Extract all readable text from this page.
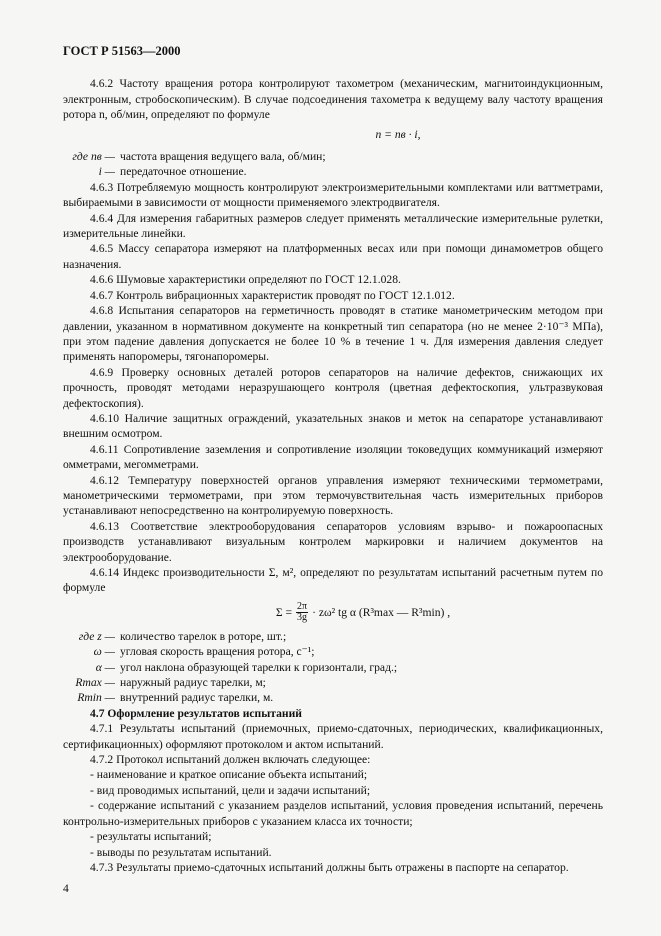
ГОСТ Р 51563—2000

4.6.2 Частоту вращения ротора контролируют тахометром (механическим, магнитоиндукционным, электронным, стробоскопическим). В случае подсоединения тахометра к ведущему валу частоту вращения ротора n, об/мин, определяют по формуле

n = nв · i,
где nв — частота вращения ведущего вала, об/мин;
i — передаточное отношение.

4.6.3 Потребляемую мощность контролируют электроизмерительными комплектами или ваттметрами, выбираемыми в зависимости от мощности применяемого электродвигателя.

4.6.4 Для измерения габаритных размеров следует применять металлические измерительные рулетки, измерительные линейки.

4.6.5 Массу сепаратора измеряют на платформенных весах или при помощи динамометров общего назначения.

4.6.6 Шумовые характеристики определяют по ГОСТ 12.1.028.

4.6.7 Контроль вибрационных характеристик проводят по ГОСТ 12.1.012.

4.6.8 Испытания сепараторов на герметичность проводят в статике манометрическим методом при давлении, указанном в нормативном документе на конкретный тип сепаратора (но не менее 2·10⁻³ МПа), при этом падение давления допускается не более 10 % в течение 1 ч. Для измерения давления следует применять напоромеры, тягонапоромеры.

4.6.9 Проверку основных деталей роторов сепараторов на наличие дефектов, снижающих их прочность, проводят методами неразрушающего контроля (цветная дефектоскопия, ультразвуковая дефектоскопия).

4.6.10 Наличие защитных ограждений, указательных знаков и меток на сепараторе устанавливают внешним осмотром.

4.6.11 Сопротивление заземления и сопротивление изоляции токоведущих коммуникаций измеряют омметрами, мегомметрами.

4.6.12 Температуру поверхностей органов управления измеряют техническими термометрами, манометрическими термометрами, при этом термочувствительная часть измерительных приборов устанавливают непосредственно на контролируемую поверхность.

4.6.13 Соответствие электрооборудования сепараторов условиям взрыво- и пожароопасных производств устанавливают визуальным контролем маркировки и наличием документов на электрооборудование.

4.6.14 Индекс производительности Σ, м², определяют по результатам испытаний расчетным путем по формуле

$\Sigma = \frac{2\pi}{3g} \cdot z\omega^2$ tg α (R³max — R³min) ,
где z — количество тарелок в роторе, шт.;
ω — угловая скорость вращения ротора, с⁻¹;
α — угол наклона образующей тарелки к горизонтали, град.;
Rmax — наружный радиус тарелки, м;
Rmin — внутренний радиус тарелки, м.

4.7 Оформление результатов испытаний

4.7.1 Результаты испытаний (приемочных, приемо-сдаточных, периодических, квалификационных, сертификационных) оформляют протоколом и актом испытаний.

4.7.2 Протокол испытаний должен включать следующее:

- наименование и краткое описание объекта испытаний;

- вид проводимых испытаний, цели и задачи испытаний;

- содержание испытаний с указанием разделов испытаний, условия проведения испытаний, перечень контрольно-измерительных приборов с указанием класса их точности;

- результаты испытаний;

- выводы по результатам испытаний.

4.7.3 Результаты приемо-сдаточных испытаний должны быть отражены в паспорте на сепаратор.

4
